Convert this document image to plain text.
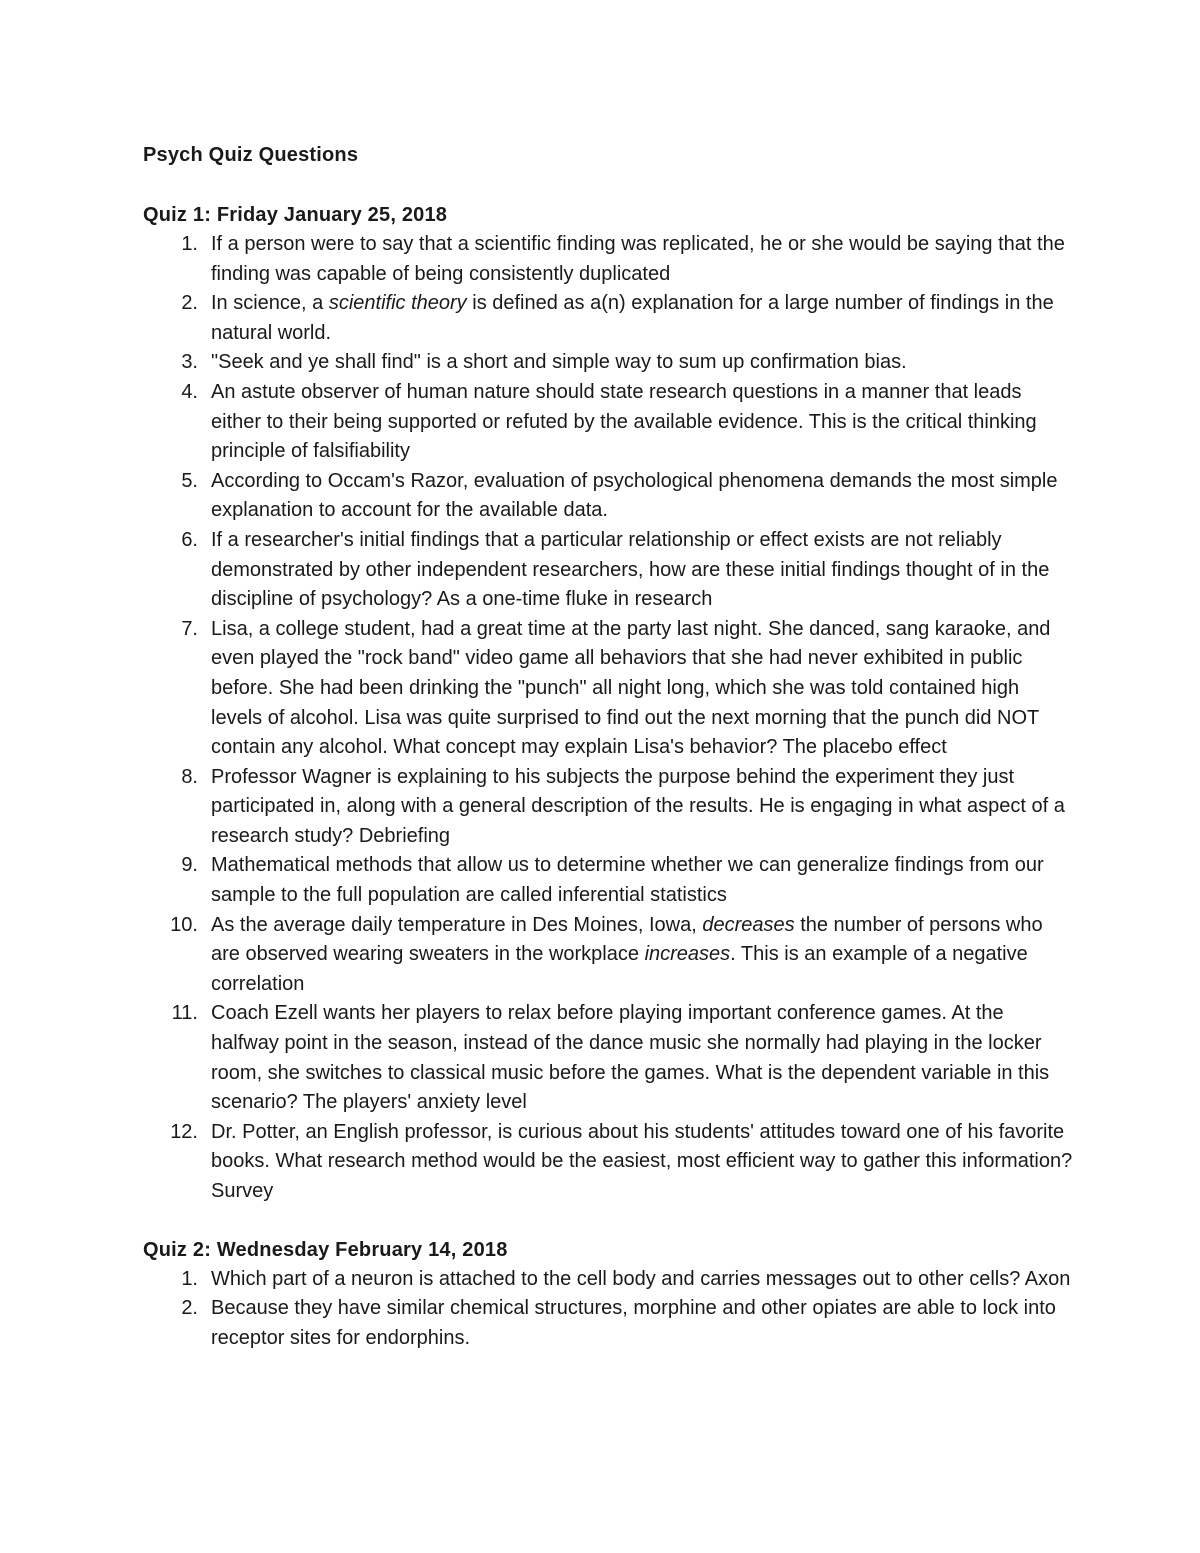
Psych Quiz Questions
Quiz 1: Friday January 25, 2018
1. If a person were to say that a scientific finding was replicated, he or she would be saying that the finding was capable of being consistently duplicated
2. In science, a scientific theory is defined as a(n) explanation for a large number of findings in the natural world.
3. "Seek and ye shall find" is a short and simple way to sum up confirmation bias.
4. An astute observer of human nature should state research questions in a manner that leads either to their being supported or refuted by the available evidence. This is the critical thinking principle of falsifiability
5. According to Occam's Razor, evaluation of psychological phenomena demands the most simple explanation to account for the available data.
6. If a researcher's initial findings that a particular relationship or effect exists are not reliably demonstrated by other independent researchers, how are these initial findings thought of in the discipline of psychology? As a one-time fluke in research
7. Lisa, a college student, had a great time at the party last night. She danced, sang karaoke, and even played the "rock band" video game all behaviors that she had never exhibited in public before. She had been drinking the "punch" all night long, which she was told contained high levels of alcohol. Lisa was quite surprised to find out the next morning that the punch did NOT contain any alcohol. What concept may explain Lisa's behavior? The placebo effect
8. Professor Wagner is explaining to his subjects the purpose behind the experiment they just participated in, along with a general description of the results. He is engaging in what aspect of a research study? Debriefing
9. Mathematical methods that allow us to determine whether we can generalize findings from our sample to the full population are called inferential statistics
10. As the average daily temperature in Des Moines, Iowa, decreases the number of persons who are observed wearing sweaters in the workplace increases. This is an example of a negative correlation
11. Coach Ezell wants her players to relax before playing important conference games. At the halfway point in the season, instead of the dance music she normally had playing in the locker room, she switches to classical music before the games. What is the dependent variable in this scenario? The players' anxiety level
12. Dr. Potter, an English professor, is curious about his students' attitudes toward one of his favorite books. What research method would be the easiest, most efficient way to gather this information? Survey
Quiz 2: Wednesday February 14, 2018
1. Which part of a neuron is attached to the cell body and carries messages out to other cells? Axon
2. Because they have similar chemical structures, morphine and other opiates are able to lock into receptor sites for endorphins.
